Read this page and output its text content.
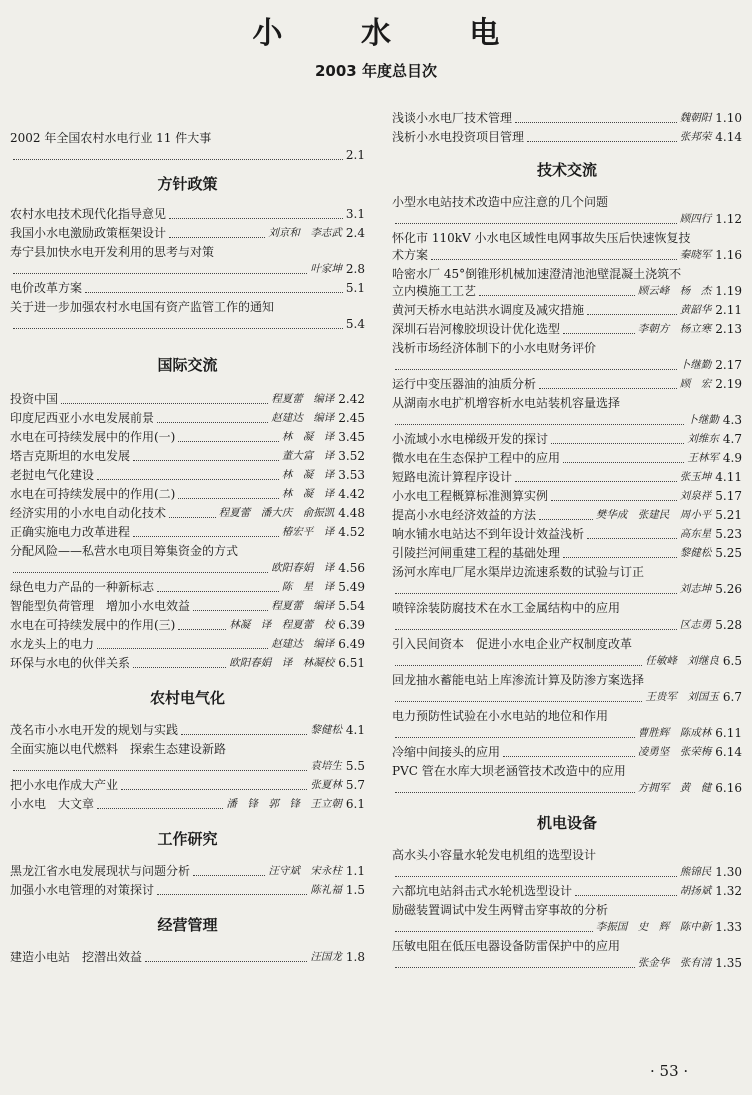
小 水 电
2003 年度总目次
2002 年全国农村水电行业 11 件大事
2.1
方针政策
农村水电技术现代化指导意见	3.1
我国小水电激励政策框架设计	刘京和　李志武 2.4
寿宁县加快水电开发利用的思考与对策
叶家坤 2.8
电价改革方案	5.1
关于进一步加强农村水电国有资产监管工作的通知
5.4
国际交流
投资中国	程夏蕾　编译 2.42
印度尼西亚小水电发展前景	赵建达　编译 2.45
水电在可持续发展中的作用(一)	林　凝　译 3.45
塔吉克斯坦的水电发展	董大富　译 3.52
老挝电气化建设	林　凝　译 3.53
水电在可持续发展中的作用(二)	林　凝　译 4.42
经济实用的小水电自动化技术	程夏蕾　潘大庆　俞振凯 4.48
正确实施电力改革进程	椿宏平　译 4.52
分配风险——私营水电项目筹集资金的方式
欧阳春娟　译 4.56
绿色电力产品的一种新标志	陈　星　译 5.49
智能型负荷管理　增加小水电效益	程夏蕾　编译 5.54
水电在可持续发展中的作用(三)	林凝　译　程夏蕾　校 6.39
水龙头上的电力	赵建达　编译 6.49
环保与水电的伙伴关系	欧阳春娟　译　林凝校 6.51
农村电气化
茂名市小水电开发的规划与实践	黎健松 4.1
全面实施以电代燃料　探索生态建设新路
袁培生 5.5
把小水电作成大产业	张夏林 5.7
小水电　大文章	潘　锋　郭　锋　王立朝 6.1
工作研究
黑龙江省水电发展现状与问题分析	汪守斌　宋永柱 1.1
加强小水电管理的对策探讨	陈礼福 1.5
经营管理
建造小电站　挖潜出效益	汪国龙 1.8
浅谈小水电厂技术管理	魏朝阳 1.10
浅析小水电投资项目管理	张邦荣 4.14
技术交流
小型水电站技术改造中应注意的几个问题
顾四行 1.12
怀化市 110kV 小水电区域性电网事故失压后快速恢复技
术方案	秦晓军 1.16
哈密水厂 45°倒锥形机械加速澄清池池壁混凝土浇筑不
立内模施工工艺	顾云峰　杨　杰 1.19
黄河天桥水电站洪水调度及减灾措施	黄韶华 2.11
深圳石岩河橡胶坝设计优化选型	李朝方　杨立寒 2.13
浅析市场经济体制下的小水电财务评价
卜继勤 2.17
运行中变压器油的油质分析	顾　宏 2.19
从湖南水电扩机增容析水电站装机容量选择
卜继勤 4.3
小流域小水电梯级开发的探讨	刘维东 4.7
微水电在生态保护工程中的应用	王林军 4.9
短路电流计算程序设计	张玉坤 4.11
小水电工程概算标准测算实例	刘泉祥 5.17
提高小水电经济效益的方法	樊华成　张建民　周小平 5.21
响水铺水电站达不到年设计效益浅析	高东星 5.23
引陵拦河闸重建工程的基础处理	黎健松 5.25
汤河水库电厂尾水渠岸边流速系数的试验与订正
刘志坤 5.26
喷锌涂装防腐技术在水工金属结构中的应用
区志勇 5.28
引入民间资本　促进小水电企业产权制度改革
任敏峰　刘继良 6.5
回龙抽水蓄能电站上库渗流计算及防渗方案选择
王贵军　刘国玉 6.7
电力预防性试验在小水电站的地位和作用
曹胜辉　陈成林 6.11
冷缩中间接头的应用	凌勇坚　张荣梅 6.14
PVC 管在水库大坝老涵管技术改造中的应用
方拥军　黄　健 6.16
机电设备
高水头小容量水轮发电机组的选型设计
熊锦民 1.30
六都坑电站斜击式水轮机选型设计	胡扬斌 1.32
励磁装置调试中发生两臂击穿事故的分析
李振国　史　辉　陈中新 1.33
压敏电阻在低压电器设备防雷保护中的应用
张金华　张有清 1.35
· 53 ·
